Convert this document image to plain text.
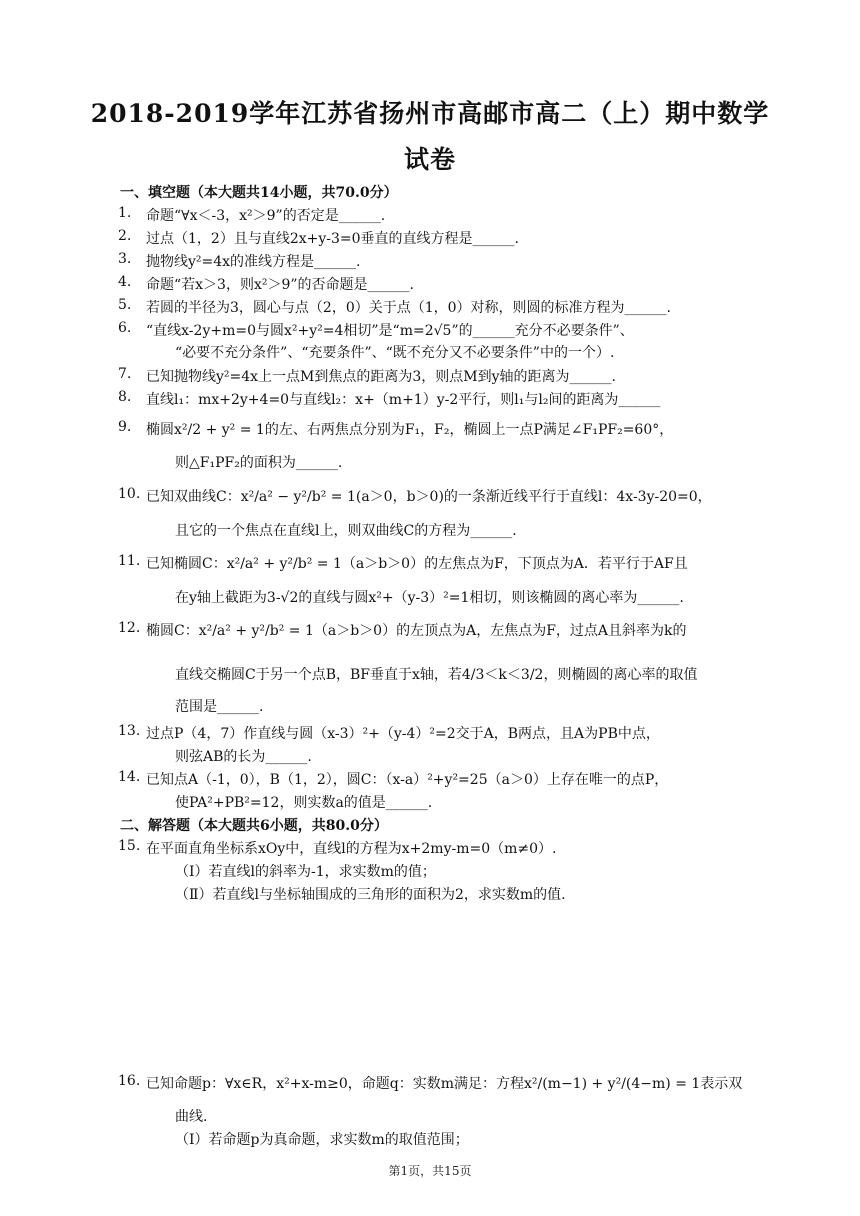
2018-2019学年江苏省扬州市高邮市高二（上）期中数学
试卷
一、填空题（本大题共14小题，共70.0分）
1. 命题“∀x＜-3，x²＞9”的否定是______.
2. 过点（1，2）且与直线2x+y-3=0垂直的直线方程是______.
3. 抛物线y²=4x的准线方程是______.
4. 命题“若x＞3，则x²＞9”的否命题是______.
5. 若圆的半径为3，圆心与点（2，0）关于点（1，0）对称，则圆的标准方程为______.
6. “直线x-2y+m=0与圆x²+y²=4相切”是“m=2√5”的______充分不必要条件”、
“必要不充分条件”、“充要条件”、“既不充分又不必要条件”中的一个）.
7. 已知抛物线y²=4x上一点M到焦点的距离为3，则点M到y轴的距离为______.
8. 直线l₁：mx+2y+4=0与直线l₂：x+（m+1）y-2平行，则l₁与l₂间的距离为______
9. 椭圆x²/2 + y² = 1的左、右两焦点分别为F₁，F₂，椭圆上一点P满足∠F₁PF₂=60°，
则△F₁PF₂的面积为______.
10. 已知双曲线C：x²/a² − y²/b² = 1(a＞0，b＞0)的一条渐近线平行于直线l：4x-3y-20=0，
且它的一个焦点在直线l上，则双曲线C的方程为______.
11. 已知椭圆C：x²/a² + y²/b² = 1（a＞b＞0）的左焦点为F，下顶点为A．若平行于AF且
在y轴上截距为3-√2的直线与圆x²+（y-3）²=1相切，则该椭圆的离心率为______.
12. 椭圆C：x²/a² + y²/b² = 1（a＞b＞0）的左顶点为A，左焦点为F，过点A且斜率为k的
直线交椭圆C于另一个点B，BF垂直于x轴，若4/3＜k＜3/2，则椭圆的离心率的取值
范围是______.
13. 过点P（4，7）作直线与圆（x-3）²+（y-4）²=2交于A，B两点，且A为PB中点，
则弦AB的长为______.
14. 已知点A（-1，0），B（1，2），圆C：（x-a）²+y²=25（a＞0）上存在唯一的点P，
使PA²+PB²=12，则实数a的值是______.
二、解答题（本大题共6小题，共80.0分）
15. 在平面直角坐标系xOy中，直线l的方程为x+2my-m=0（m≠0）.
（Ⅰ）若直线l的斜率为-1，求实数m的值；
（Ⅱ）若直线l与坐标轴围成的三角形的面积为2，求实数m的值.
16. 已知命题p：∀x∈R，x²+x-m≥0，命题q：实数m满足：方程x²/(m−1) + y²/(4−m) = 1表示双
曲线.
（Ⅰ）若命题p为真命题，求实数m的取值范围；
第1页，共15页
